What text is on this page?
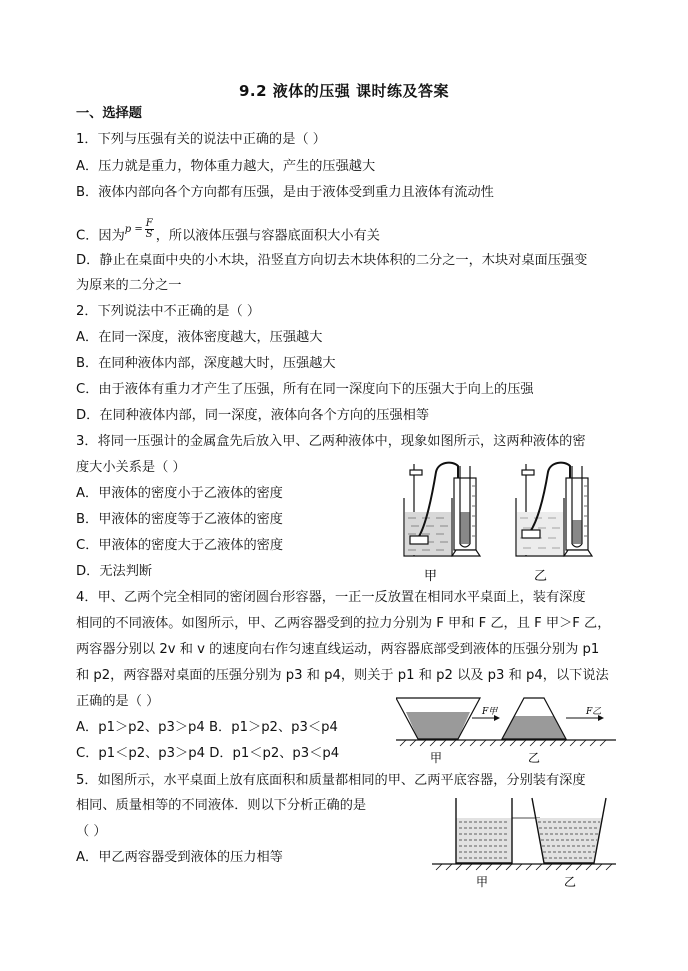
9.2 液体的压强 课时练及答案
一、选择题
1．下列与压强有关的说法中正确的是（ ）
A．压力就是重力，物体重力越大，产生的压强越大
B．液体内部向各个方向都有压强，是由于液体受到重力且液体有流动性
C．因为$p = \frac{F}{S}$ ，所以液体压强与容器底面积大小有关
D．静止在桌面中央的小木块，沿竖直方向切去木块体积的二分之一，木块对桌面压强变
为原来的二分之一
2．下列说法中不正确的是（ ）
A．在同一深度，液体密度越大，压强越大
B．在同种液体内部，深度越大时，压强越大
C．由于液体有重力才产生了压强，所有在同一深度向下的压强大于向上的压强
D．在同种液体内部，同一深度，液体向各个方向的压强相等
3．将同一压强计的金属盒先后放入甲、乙两种液体中，现象如图所示，这两种液体的密
度大小关系是（ ）
A．甲液体的密度小于乙液体的密度
B．甲液体的密度等于乙液体的密度
C．甲液体的密度大于乙液体的密度
D．无法判断	甲	乙
4．甲、乙两个完全相同的密闭圆台形容器，一正一反放置在相同水平桌面上，装有深度
相同的不同液体。如图所示，甲、乙两容器受到的拉力分别为 F 甲和 F 乙，且 F 甲＞F 乙，
两容器分别以 2v 和 v 的速度向右作匀速直线运动，两容器底部受到液体的压强分别为 p1
和 p2，两容器对桌面的压强分别为 p3 和 p4，则关于 p1 和 p2 以及 p3 和 p4，以下说法
正确的是（ ）
A．p1＞p2、p3＞p4 B．p1＞p2、p3＜p4
C．p1＜p2、p3＞p4 D．p1＜p2、p3＜p4
F甲	F乙
甲	乙
5．如图所示，水平桌面上放有底面积和质量都相同的甲、乙两平底容器，分别装有深度
相同、质量相等的不同液体．则以下分析正确的是
（ ）
A．甲乙两容器受到液体的压力相等
甲	乙
